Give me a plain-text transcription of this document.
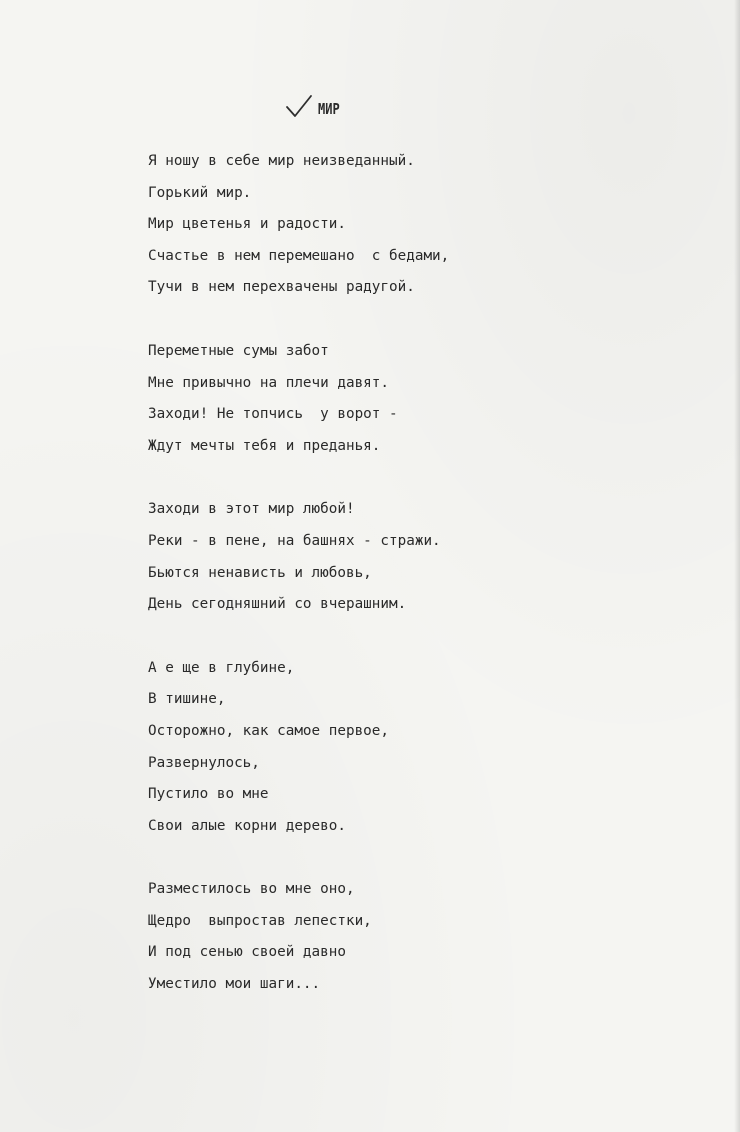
МИР
Я ношу в себе мир неизведанный.
Горький мир.
Мир цветенья и радости.
Счастье в нем перемешано  с бедами,
Тучи в нем перехвачены радугой.
Переметные сумы забот
Мне привычно на плечи давят.
Заходи! Не топчись  у ворот -
Ждут мечты тебя и преданья.
Заходи в этот мир любой!
Реки - в пене, на башнях - стражи.
Бьются ненависть и любовь,
День сегодняшний со вчерашним.
А е ще в глубине,
В тишине,
Осторожно, как самое первое,
Развернулось,
Пустило во мне
Свои алые корни дерево.
Разместилось во мне оно,
Щедро  выпростав лепестки,
И под сенью своей давно
Уместило мои шаги...
